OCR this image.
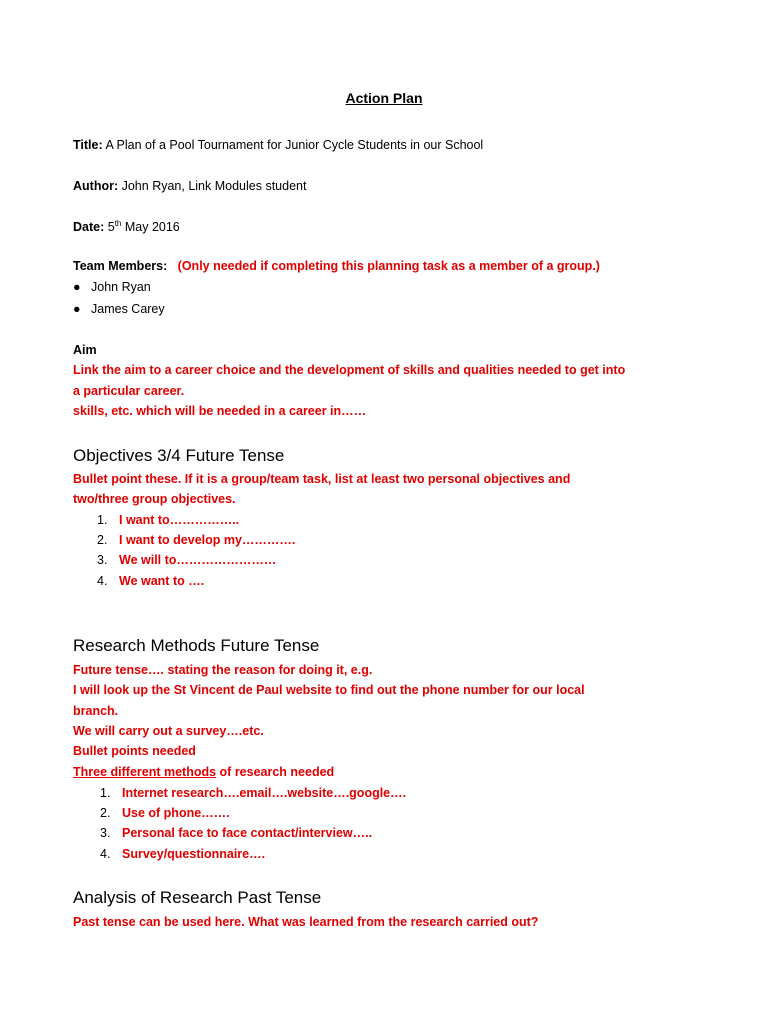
Action Plan
Title: A Plan of a Pool Tournament for Junior Cycle Students in our School
Author: John Ryan, Link Modules student
Date: 5th May 2016
Team Members: (Only needed if completing this planning task as a member of a group.)
● John Ryan
● James Carey
Aim
Link the aim to a career choice and the development of skills and qualities needed to get into
a particular career.
skills, etc. which will be needed in a career in……
Objectives 3/4 Future Tense
Bullet point these. If it is a group/team task, list at least two personal objectives and
two/three group objectives.
1. I want to……………..
2. I want to develop my………….
3. We will to……………………
4. We want to ….
Research Methods Future Tense
Future tense…. stating the reason for doing it, e.g.
I will look up the St Vincent de Paul website to find out the phone number for our local
branch.
We will carry out a survey….etc.
Bullet points needed
Three different methods of research needed
1. Internet research….email….website….google….
2. Use of phone…….
3. Personal face to face contact/interview…..
4. Survey/questionnaire….
Analysis of Research Past Tense
Past tense can be used here. What was learned from the research carried out?
